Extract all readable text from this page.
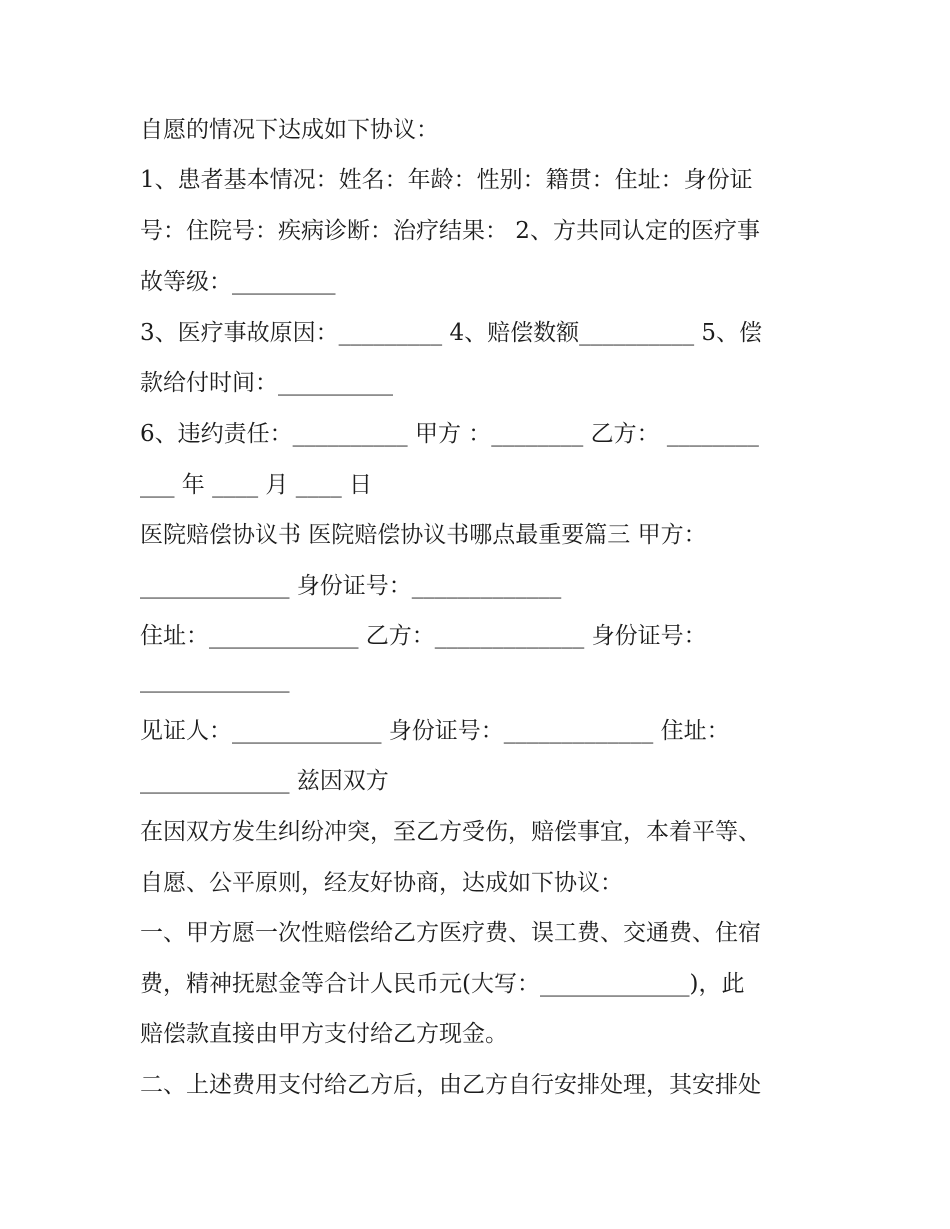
自愿的情况下达成如下协议：
1、患者基本情况：姓名：年龄：性别：籍贯：住址：身份证
号：住院号：疾病诊断：治疗结果： 2、方共同认定的医疗事
故等级：_________
3、医疗事故原因：_________ 4、赔偿数额__________ 5、偿
款给付时间：__________
6、违约责任：__________ 甲方 ：________ 乙方： ________
___ 年 ____ 月 ____ 日
医院赔偿协议书 医院赔偿协议书哪点最重要篇三 甲方：
_____________ 身份证号：_____________
住址：_____________ 乙方：_____________ 身份证号：
_____________
见证人：_____________ 身份证号：_____________ 住址：
_____________ 兹因双方
在因双方发生纠纷冲突，至乙方受伤，赔偿事宜，本着平等、
自愿、公平原则，经友好协商，达成如下协议：
一、甲方愿一次性赔偿给乙方医疗费、误工费、交通费、住宿
费，精神抚慰金等合计人民币元(大写：_____________)，此
赔偿款直接由甲方支付给乙方现金。
二、上述费用支付给乙方后，由乙方自行安排处理，其安排处
